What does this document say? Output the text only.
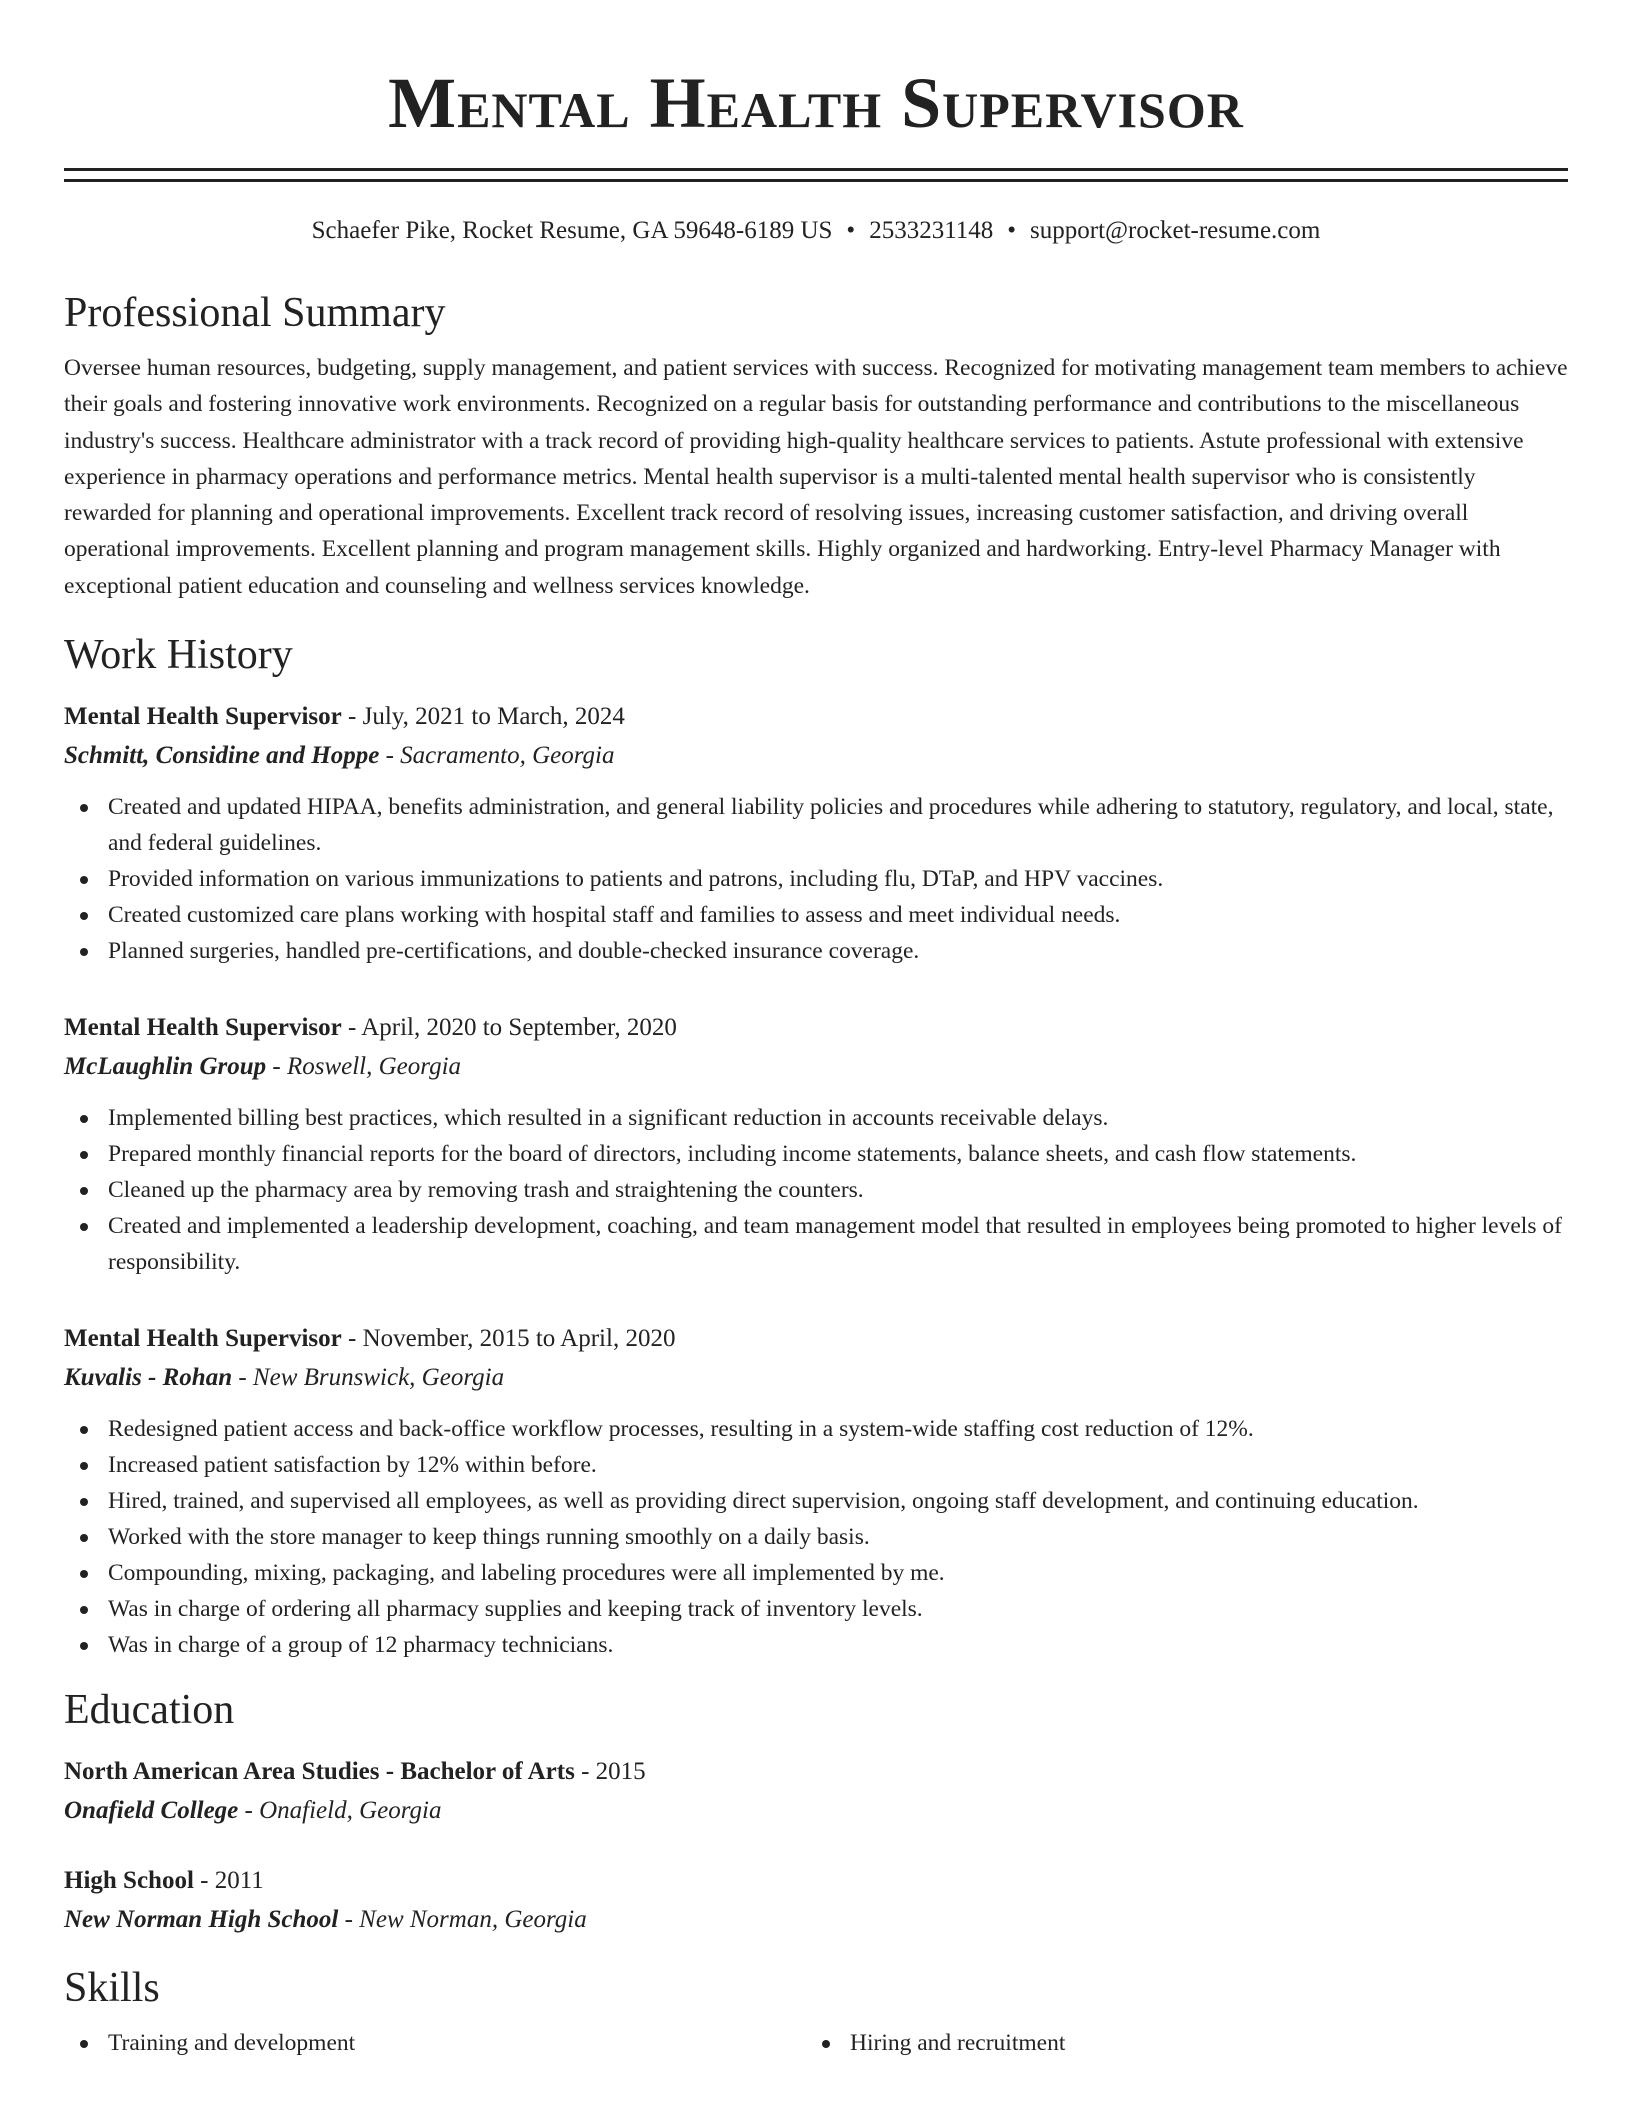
Mental Health Supervisor
Schaefer Pike, Rocket Resume, GA 59648-6189 US • 2533231148 • support@rocket-resume.com
Professional Summary

Oversee human resources, budgeting, supply management, and patient services with success. Recognized for motivating management team members to achieve their goals and fostering innovative work environments. Recognized on a regular basis for outstanding performance and contributions to the miscellaneous industry's success. Healthcare administrator with a track record of providing high-quality healthcare services to patients. Astute professional with extensive experience in pharmacy operations and performance metrics. Mental health supervisor is a multi-talented mental health supervisor who is consistently rewarded for planning and operational improvements. Excellent track record of resolving issues, increasing customer satisfaction, and driving overall operational improvements. Excellent planning and program management skills. Highly organized and hardworking. Entry-level Pharmacy Manager with exceptional patient education and counseling and wellness services knowledge.

Work History
Mental Health Supervisor - July, 2021 to March, 2024
Schmitt, Considine and Hoppe - Sacramento, Georgia
Created and updated HIPAA, benefits administration, and general liability policies and procedures while adhering to statutory, regulatory, and local, state, and federal guidelines.
Provided information on various immunizations to patients and patrons, including flu, DTaP, and HPV vaccines.
Created customized care plans working with hospital staff and families to assess and meet individual needs.
Planned surgeries, handled pre-certifications, and double-checked insurance coverage.
Mental Health Supervisor - April, 2020 to September, 2020
McLaughlin Group - Roswell, Georgia
Implemented billing best practices, which resulted in a significant reduction in accounts receivable delays.
Prepared monthly financial reports for the board of directors, including income statements, balance sheets, and cash flow statements.
Cleaned up the pharmacy area by removing trash and straightening the counters.
Created and implemented a leadership development, coaching, and team management model that resulted in employees being promoted to higher levels of responsibility.
Mental Health Supervisor - November, 2015 to April, 2020
Kuvalis - Rohan - New Brunswick, Georgia
Redesigned patient access and back-office workflow processes, resulting in a system-wide staffing cost reduction of 12%.
Increased patient satisfaction by 12% within before.
Hired, trained, and supervised all employees, as well as providing direct supervision, ongoing staff development, and continuing education.
Worked with the store manager to keep things running smoothly on a daily basis.
Compounding, mixing, packaging, and labeling procedures were all implemented by me.
Was in charge of ordering all pharmacy supplies and keeping track of inventory levels.
Was in charge of a group of 12 pharmacy technicians.
Education
North American Area Studies - Bachelor of Arts - 2015
Onafield College - Onafield, Georgia
High School - 2011
New Norman High School - New Norman, Georgia
Skills
Training and development	Hiring and recruitment
